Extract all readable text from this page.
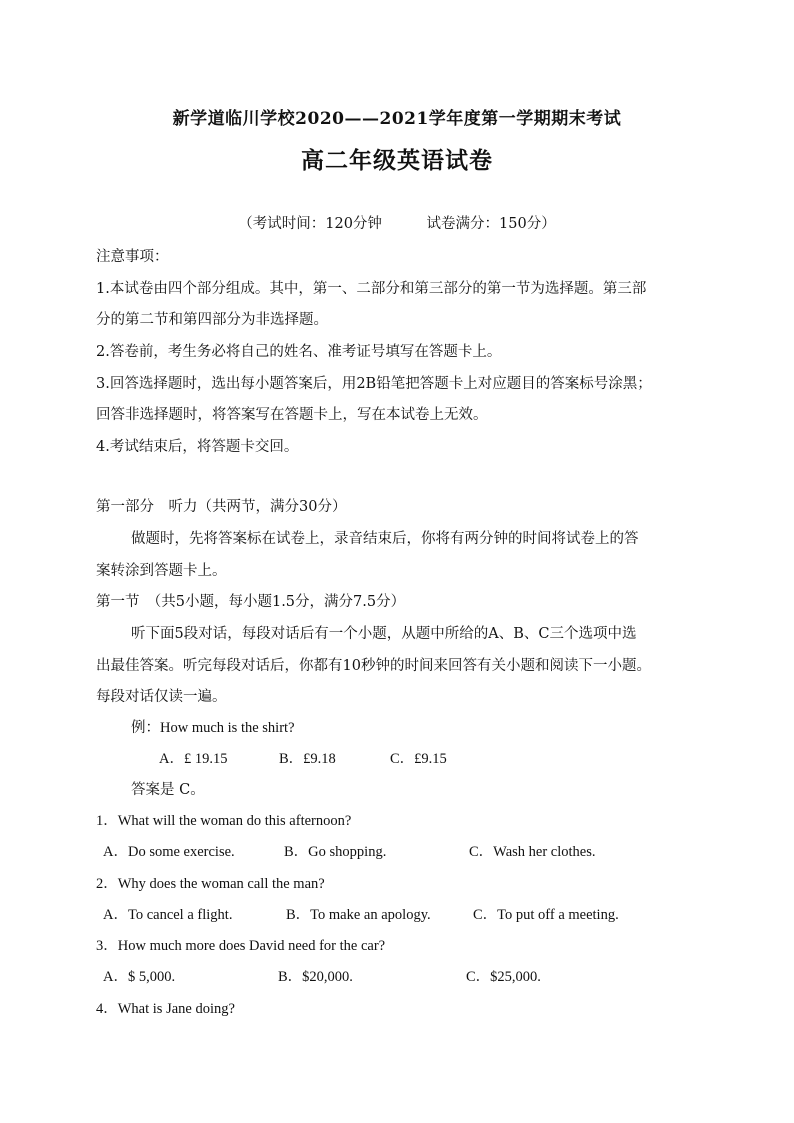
新学道临川学校2020——2021学年度第一学期期末考试
高二年级英语试卷
（考试时间：120分钟	试卷满分：150分）
注意事项：
1.本试卷由四个部分组成。其中，第一、二部分和第三部分的第一节为选择题。第三部
分的第二节和第四部分为非选择题。
2.答卷前，考生务必将自己的姓名、准考证号填写在答题卡上。
3.回答选择题时，选出每小题答案后，用2B铅笔把答题卡上对应题目的答案标号涂黑；
回答非选择题时，将答案写在答题卡上，写在本试卷上无效。
4.考试结束后，将答题卡交回。
第一部分　听力（共两节，满分30分）
做题时，先将答案标在试卷上，录音结束后，你将有两分钟的时间将试卷上的答
案转涂到答题卡上。
第一节　（共5小题，每小题1.5分，满分7.5分）
听下面5段对话，每段对话后有一个小题，从题中所给的A、B、C三个选项中选
出最佳答案。听完每段对话后，你都有10秒钟的时间来回答有关小题和阅读下一小题。
每段对话仅读一遍。
例：How much is the shirt?
A．£ 19.15	B．£9.18	C．£9.15
答案是 C。
1．What will the woman do this afternoon?
A．Do some exercise.	B．Go shopping.	C．Wash her clothes.
2．Why does the woman call the man?
A．To cancel a flight.	B．To make an apology.	C．To put off a meeting.
3．How much more does David need for the car?
A．$ 5,000.	B．$20,000.	C．$25,000.
4．What is Jane doing?
